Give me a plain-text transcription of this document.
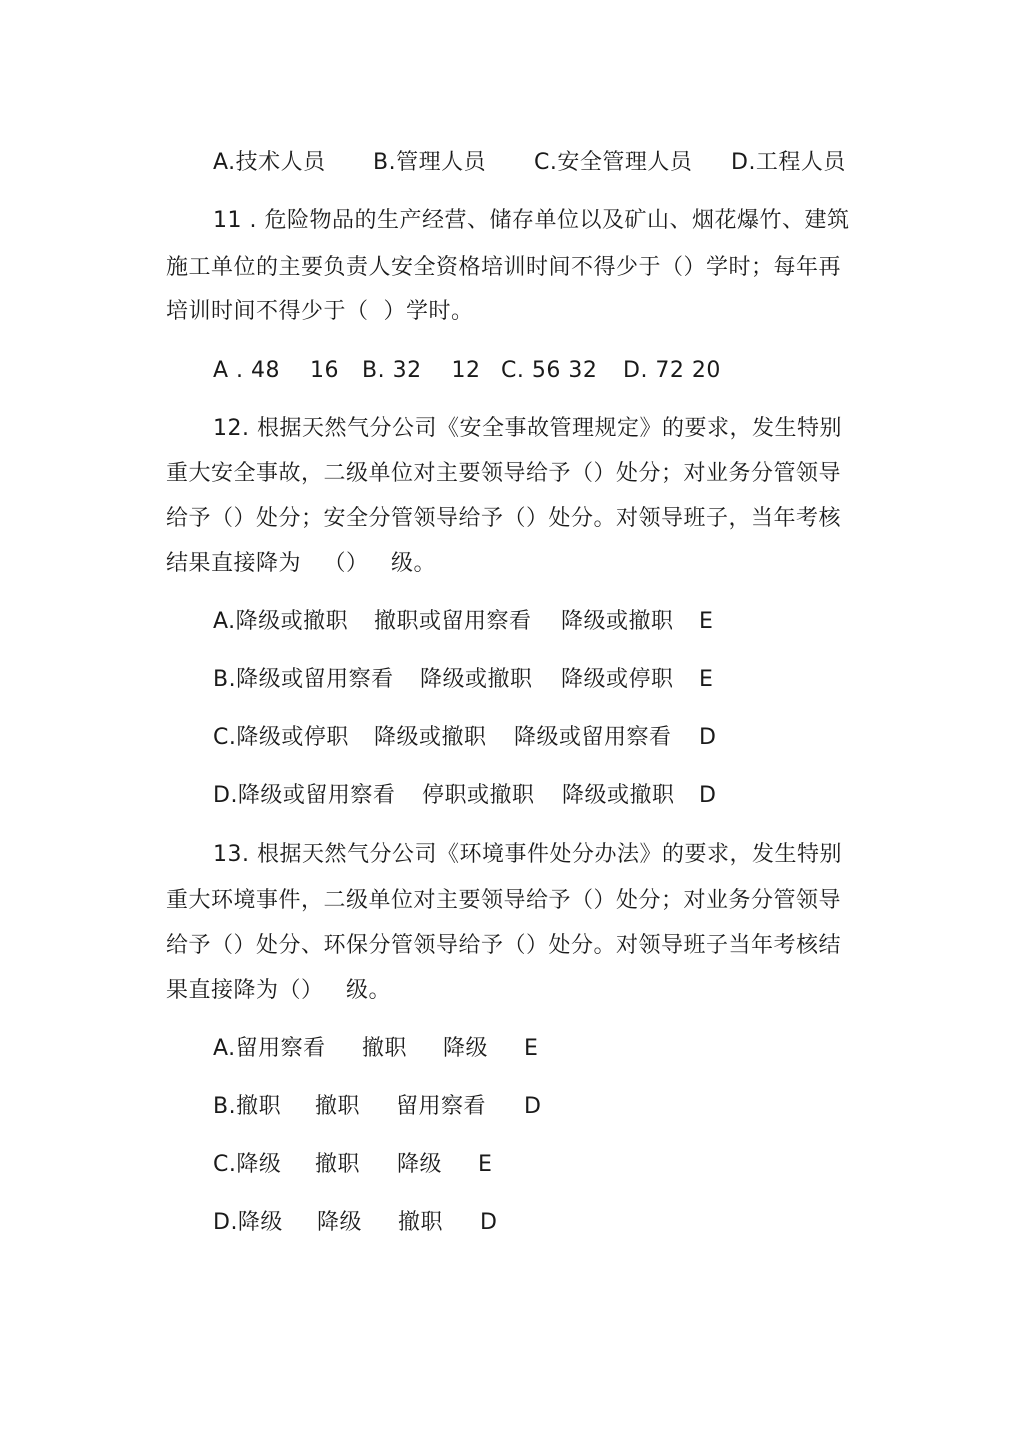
A.技术人员

B.管理人员

C.安全管理人员

D.工程人员

11 . 危险物品的生产经营、储存单位以及矿山、烟花爆竹、建筑
施工单位的主要负责人安全资格培训时间不得少于（）学时；每年再
培训时间不得少于（  ）学时。

A . 48    16

B. 32    12

C. 56 32

D. 72 20

12. 根据天然气分公司《安全事故管理规定》的要求，发生特别
重大安全事故，二级单位对主要领导给予（）处分；对业务分管领导
给予（）处分；安全分管领导给予（）处分。对领导班子，当年考核
结果直接降为   （）   级。

A.降级或撤职

撤职或留用察看

降级或撤职

E

B.降级或留用察看

降级或撤职

降级或停职

E

C.降级或停职

降级或撤职

降级或留用察看

D

D.降级或留用察看

停职或撤职

降级或撤职

D

13. 根据天然气分公司《环境事件处分办法》的要求，发生特别
重大环境事件，二级单位对主要领导给予（）处分；对业务分管领导
给予（）处分、环保分管领导给予（）处分。对领导班子当年考核结
果直接降为（）   级。

A.留用察看

撤职

降级

E

B.撤职

撤职

留用察看

D

C.降级

撤职

降级

E

D.降级

降级

撤职

D
